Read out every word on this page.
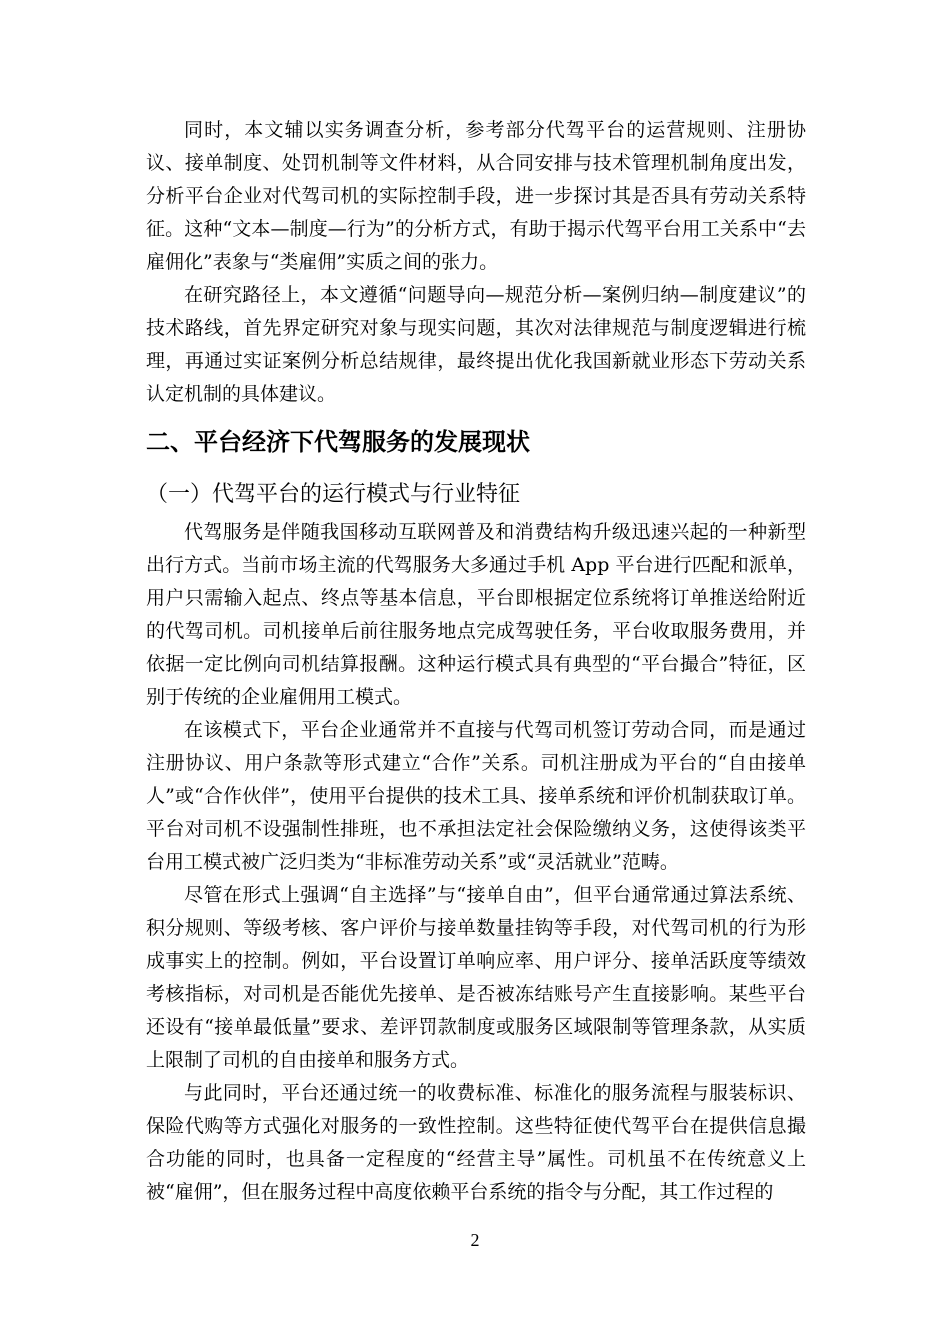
同时，本文辅以实务调查分析，参考部分代驾平台的运营规则、注册协议、接单制度、处罚机制等文件材料，从合同安排与技术管理机制角度出发，分析平台企业对代驾司机的实际控制手段，进一步探讨其是否具有劳动关系特征。这种“文本—制度—行为”的分析方式，有助于揭示代驾平台用工关系中“去雇佣化”表象与“类雇佣”实质之间的张力。

在研究路径上，本文遵循“问题导向—规范分析—案例归纳—制度建议”的技术路线，首先界定研究对象与现实问题，其次对法律规范与制度逻辑进行梳理，再通过实证案例分析总结规律，最终提出优化我国新就业形态下劳动关系认定机制的具体建议。

二、平台经济下代驾服务的发展现状
（一）代驾平台的运行模式与行业特征

代驾服务是伴随我国移动互联网普及和消费结构升级迅速兴起的一种新型出行方式。当前市场主流的代驾服务大多通过手机 App 平台进行匹配和派单，用户只需输入起点、终点等基本信息，平台即根据定位系统将订单推送给附近的代驾司机。司机接单后前往服务地点完成驾驶任务，平台收取服务费用，并依据一定比例向司机结算报酬。这种运行模式具有典型的“平台撮合”特征，区别于传统的企业雇佣用工模式。

在该模式下，平台企业通常并不直接与代驾司机签订劳动合同，而是通过注册协议、用户条款等形式建立“合作”关系。司机注册成为平台的“自由接单人”或“合作伙伴”，使用平台提供的技术工具、接单系统和评价机制获取订单。平台对司机不设强制性排班，也不承担法定社会保险缴纳义务，这使得该类平台用工模式被广泛归类为“非标准劳动关系”或“灵活就业”范畴。

尽管在形式上强调“自主选择”与“接单自由”，但平台通常通过算法系统、积分规则、等级考核、客户评价与接单数量挂钩等手段，对代驾司机的行为形成事实上的控制。例如，平台设置订单响应率、用户评分、接单活跃度等绩效考核指标，对司机是否能优先接单、是否被冻结账号产生直接影响。某些平台还设有“接单最低量”要求、差评罚款制度或服务区域限制等管理条款，从实质上限制了司机的自由接单和服务方式。

与此同时，平台还通过统一的收费标准、标准化的服务流程与服装标识、保险代购等方式强化对服务的一致性控制。这些特征使代驾平台在提供信息撮合功能的同时，也具备一定程度的“经营主导”属性。司机虽不在传统意义上被“雇佣”，但在服务过程中高度依赖平台系统的指令与分配，其工作过程的

2
